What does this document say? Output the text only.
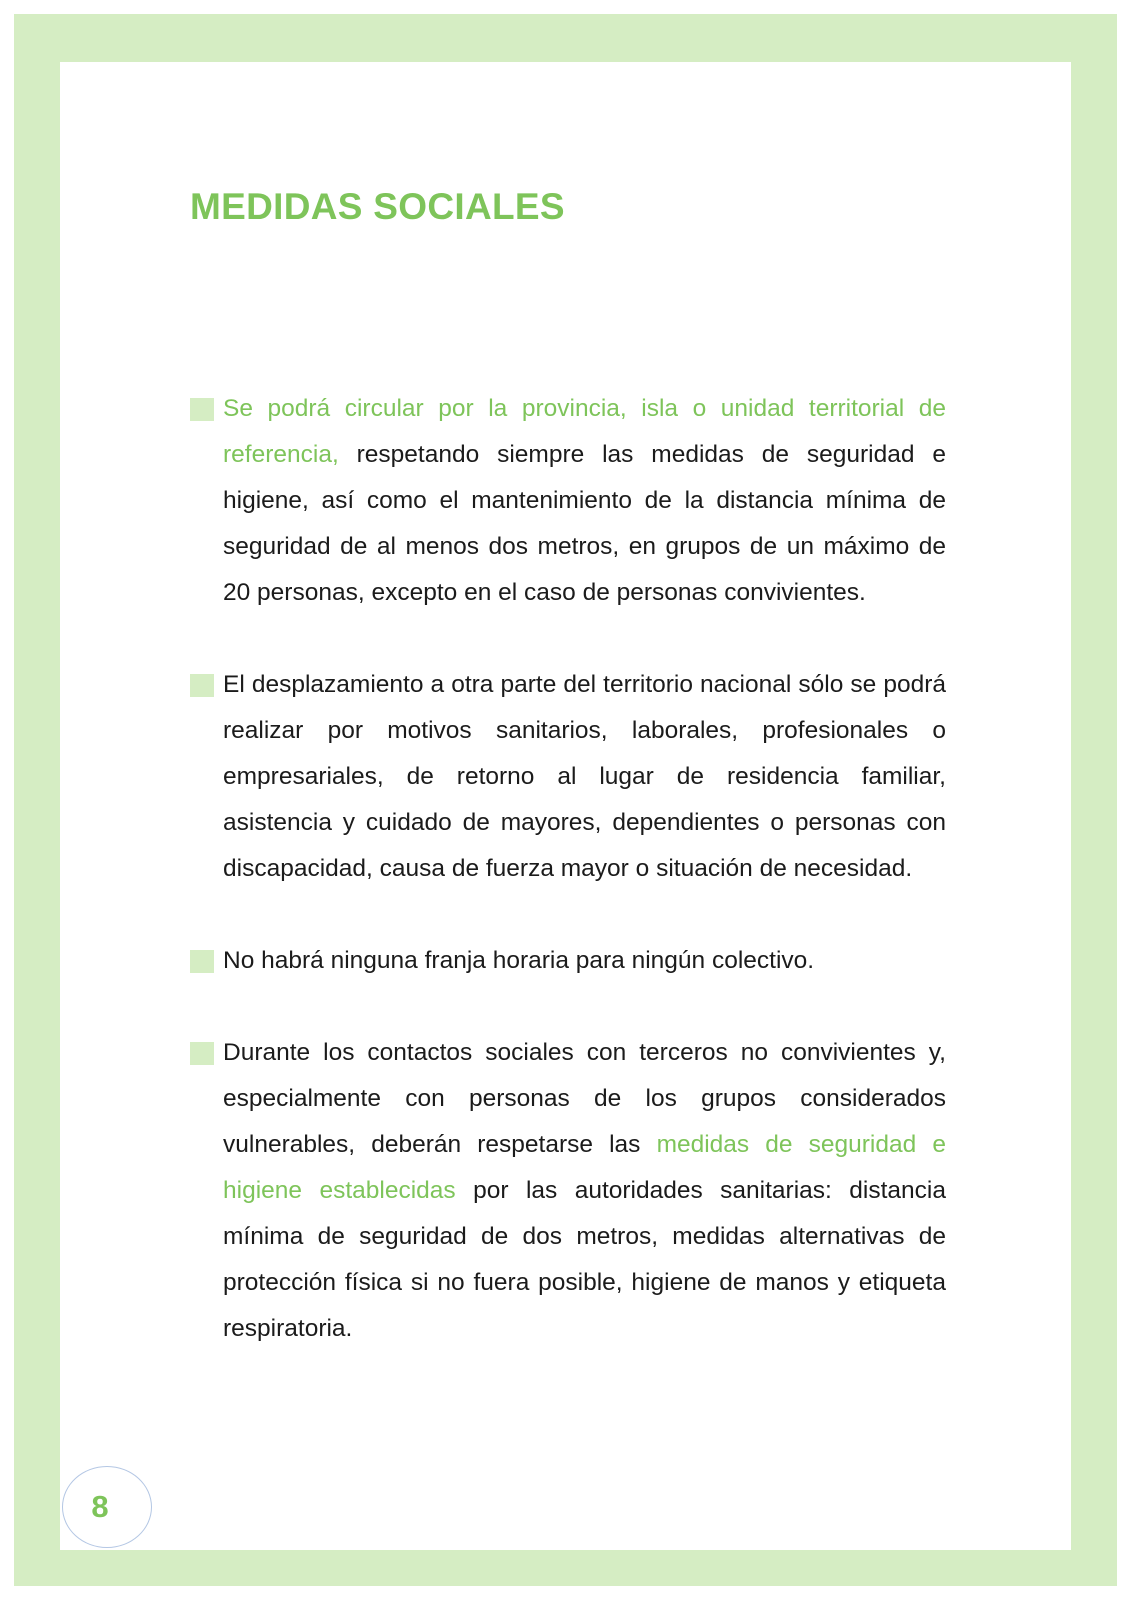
MEDIDAS SOCIALES

Se podrá circular por la provincia, isla o unidad territorial de referencia, respetando siempre las medidas de seguridad e higiene, así como el mantenimiento de la distancia mínima de seguridad de al menos dos metros, en grupos de un máximo de 20 personas, excepto en el caso de personas convivientes.

El desplazamiento a otra parte del territorio nacional sólo se podrá realizar por motivos sanitarios, laborales, profesionales o empresariales, de retorno al lugar de residencia familiar, asistencia y cuidado de mayores, dependientes o personas con discapacidad, causa de fuerza mayor o situación de necesidad.

No habrá ninguna franja horaria para ningún colectivo.

Durante los contactos sociales con terceros no convivientes y, especialmente con personas de los grupos considerados vulnerables, deberán respetarse las medidas de seguridad e higiene establecidas por las autoridades sanitarias: distancia mínima de seguridad de dos metros, medidas alternativas de protección física si no fuera posible, higiene de manos y etiqueta respiratoria.

8
